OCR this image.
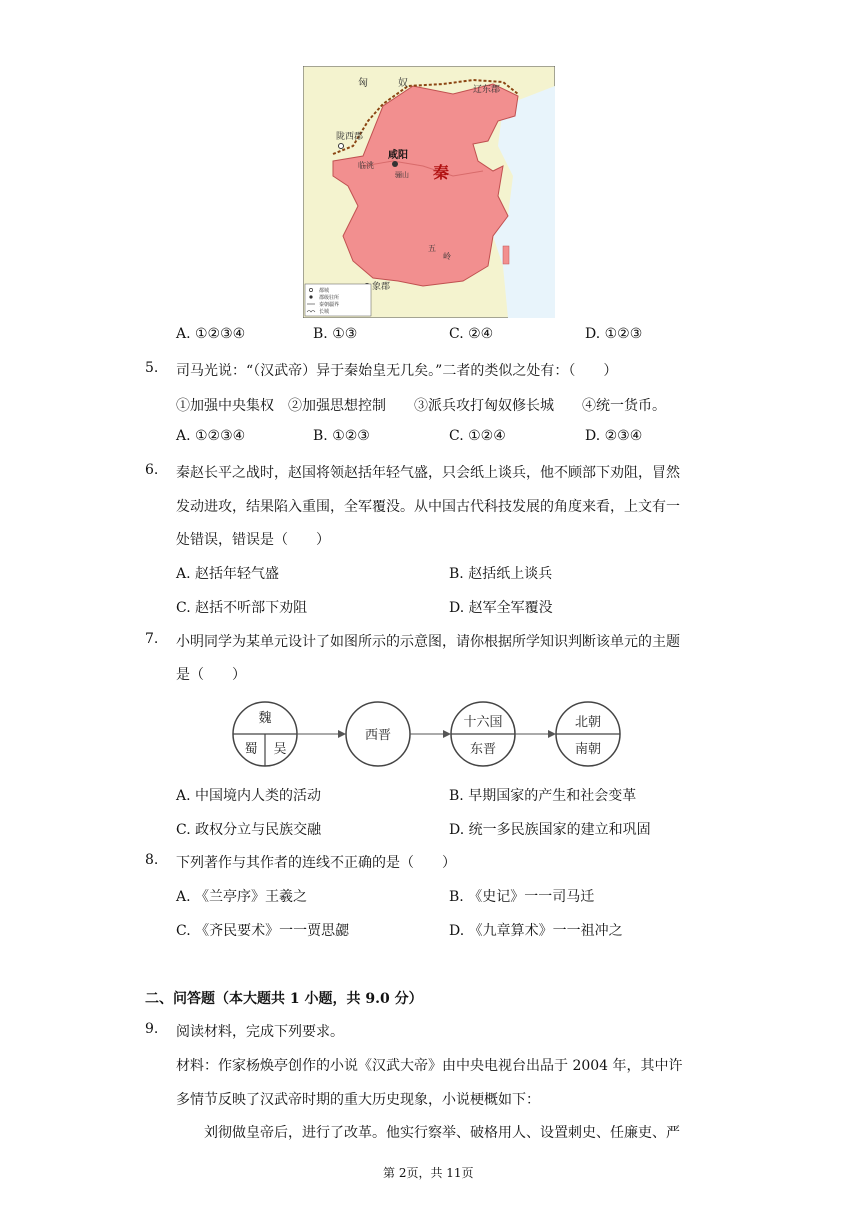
匈	奴
辽东郡
陇西郡
临洮
咸阳
骊山 秦
五
岭
象郡
都城
郡级驻所
秦朝疆界
长城
A. ①②③④	B. ①③	C. ②④	D. ①②③
5. 司马光说：“（汉武帝）异于秦始皇无几矣。”二者的类似之处有：（　　）
①加强中央集权　②加强思想控制　　③派兵攻打匈奴修长城　　④统一货币。
A. ①②③④	B. ①②③	C. ①②④	D. ②③④
6. 秦赵长平之战时，赵国将领赵括年轻气盛，只会纸上谈兵，他不顾部下劝阻，冒然
发动进攻，结果陷入重围，全军覆没。从中国古代科技发展的角度来看，上文有一
处错误，错误是（　　）
A. 赵括年轻气盛	B. 赵括纸上谈兵
C. 赵括不听部下劝阻	D. 赵军全军覆没
7. 小明同学为某单元设计了如图所示的示意图，请你根据所学知识判断该单元的主题
是（　　）
魏
蜀 吴
西晋
十六国
东晋
北朝
南朝
A. 中国境内人类的活动	B. 早期国家的产生和社会变革
C. 政权分立与民族交融	D. 统一多民族国家的建立和巩固
8. 下列著作与其作者的连线不正确的是（　　）
A. 《兰亭序》王羲之	B. 《史记》一一司马迁
C. 《齐民要术》一一贾思勰	D. 《九章算术》一一祖冲之
二、问答题（本大题共 1 小题，共 9.0 分）
9. 阅读材料，完成下列要求。
材料：作家杨焕亭创作的小说《汉武大帝》由中央电视台出品于 2004 年，其中许
多情节反映了汉武帝时期的重大历史现象，小说梗概如下：
刘彻做皇帝后，进行了改革。他实行察举、破格用人、设置刺史、任廉吏、严
第 2页，共 11页
